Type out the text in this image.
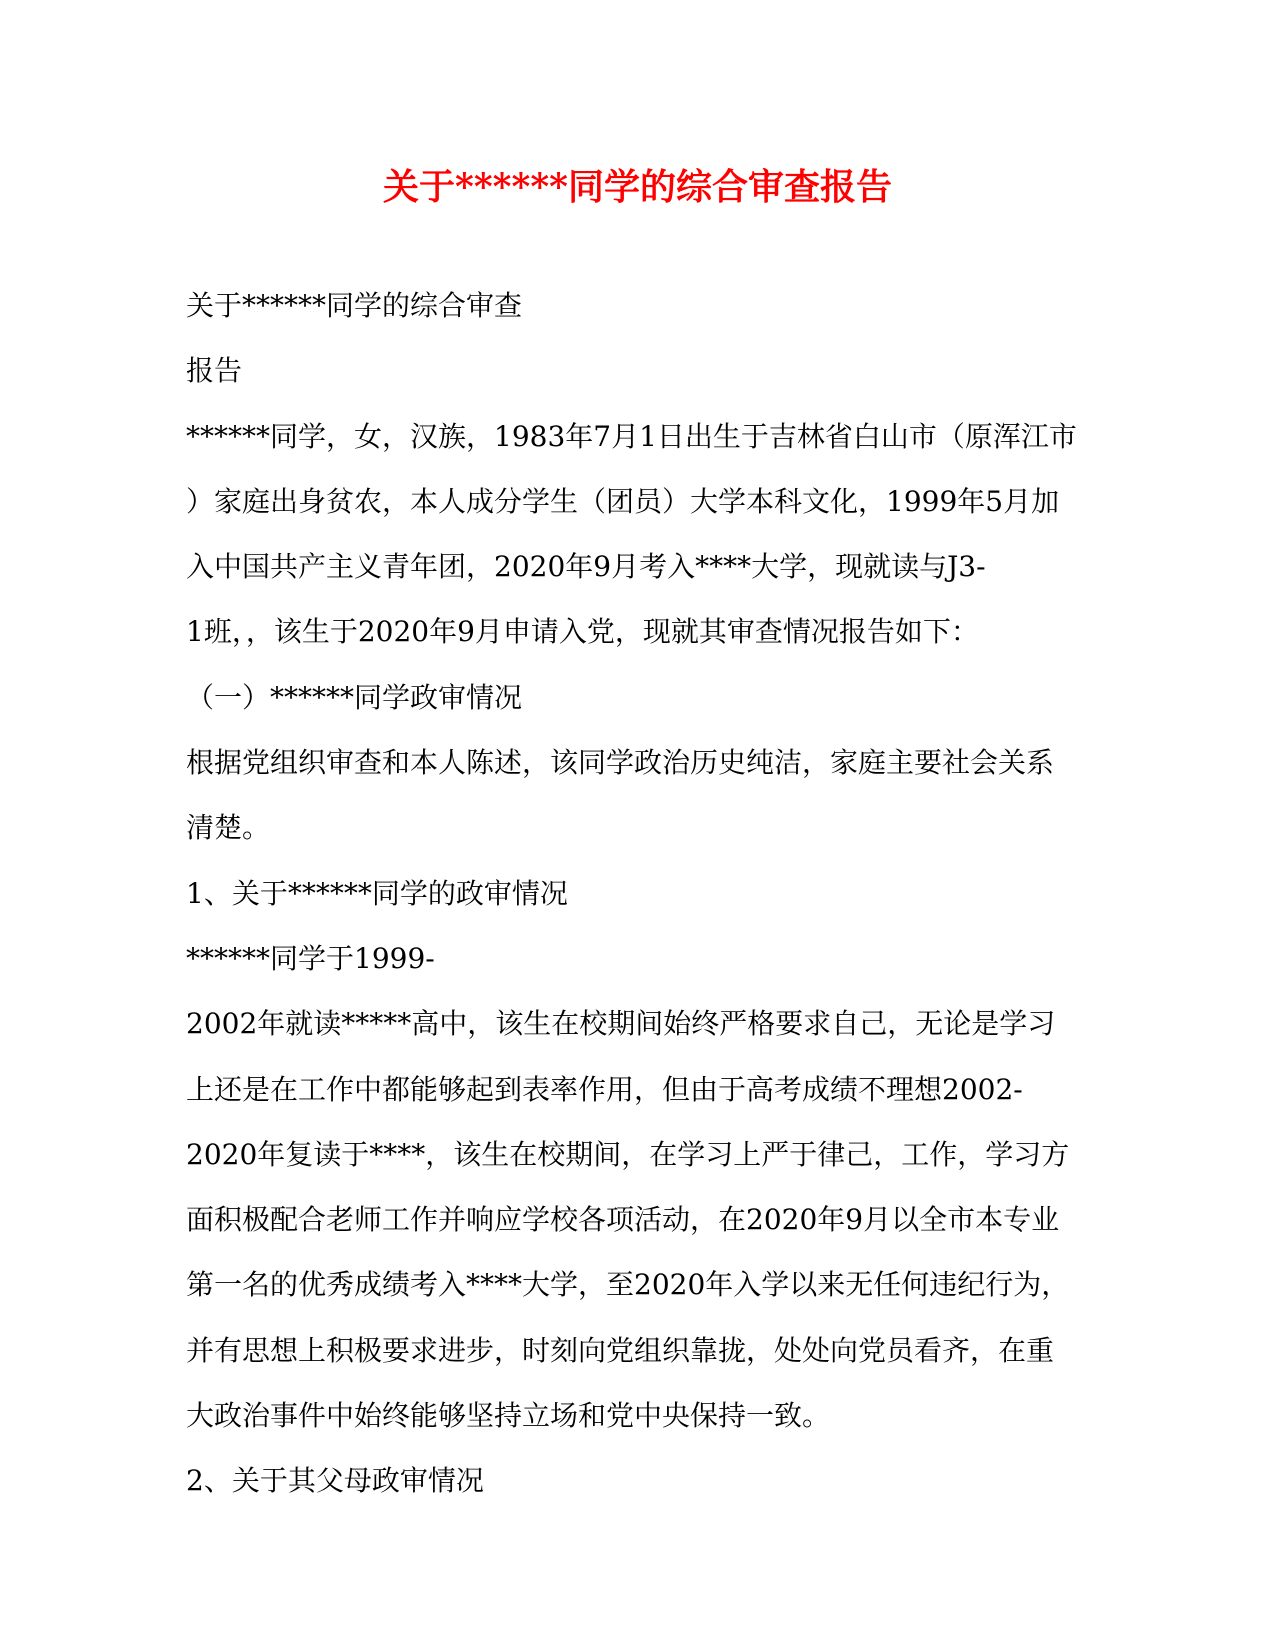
关于******同学的综合审查报告
关于******同学的综合审查
报告
******同学，女，汉族，1983年7月1日出生于吉林省白山市（原浑江市
）家庭出身贫农，本人成分学生（团员）大学本科文化，1999年5月加
入中国共产主义青年团，2020年9月考入****大学，现就读与J3-
1班，，该生于2020年9月申请入党，现就其审查情况报告如下：
（一）******同学政审情况
根据党组织审查和本人陈述，该同学政治历史纯洁，家庭主要社会关系
清楚。
1、关于******同学的政审情况
******同学于1999-
2002年就读*****高中，该生在校期间始终严格要求自己，无论是学习
上还是在工作中都能够起到表率作用，但由于高考成绩不理想2002-
2020年复读于****，该生在校期间，在学习上严于律己，工作，学习方
面积极配合老师工作并响应学校各项活动，在2020年9月以全市本专业
第一名的优秀成绩考入****大学，至2020年入学以来无任何违纪行为，
并有思想上积极要求进步，时刻向党组织靠拢，处处向党员看齐，在重
大政治事件中始终能够坚持立场和党中央保持一致。
2、关于其父母政审情况
